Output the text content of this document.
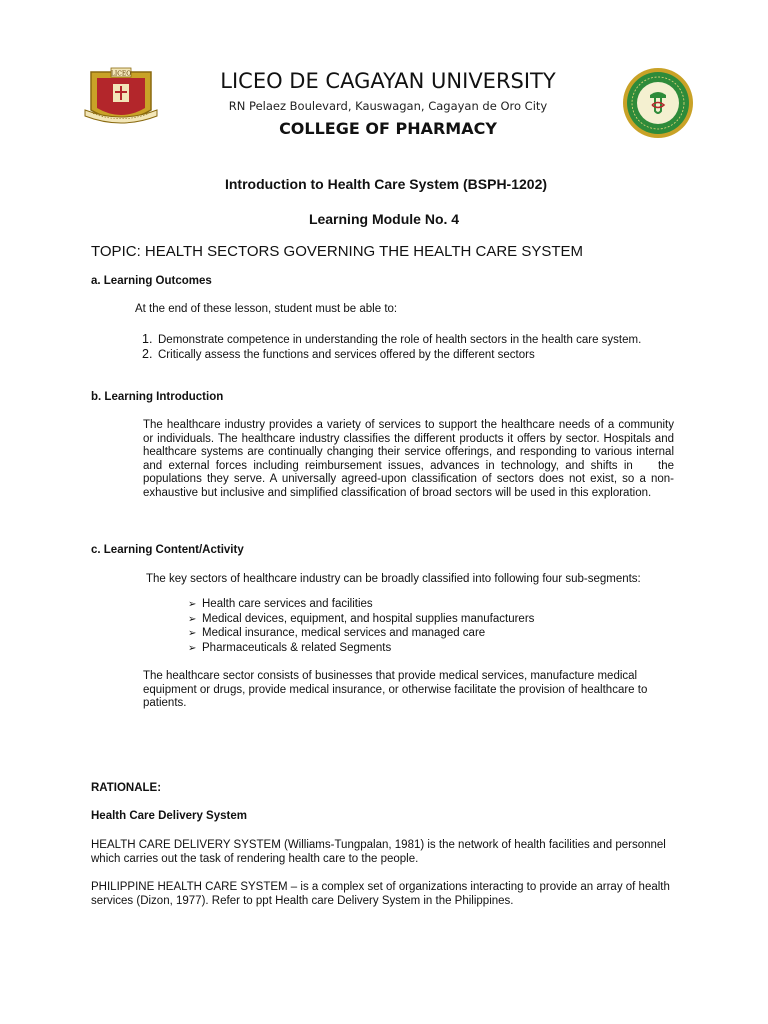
LICEO	LICEO DE CAGAYAN UNIVERSITY
RN Pelaez Boulevard, Kauswagan, Cagayan de Oro City
COLLEGE OF PHARMACY
Introduction to Health Care System (BSPH-1202)
Learning Module No. 4
TOPIC: HEALTH SECTORS GOVERNING THE HEALTH CARE SYSTEM
a. Learning Outcomes
At the end of these lesson, student must be able to:
1. Demonstrate competence in understanding the role of health sectors in the health care system.
2. Critically assess the functions and services offered by the different sectors
b. Learning Introduction
The healthcare industry provides a variety of services to support the healthcare needs of a community or individuals. The healthcare industry classifies the different products it offers by sector. Hospitals and healthcare systems are continually changing their service offerings, and responding to various internal and external forces including reimbursement issues, advances in technology, and shifts in    the populations they serve. A universally agreed-upon classification of sectors does not exist, so a non-exhaustive but inclusive and simplified classification of broad sectors will be used in this exploration.
c. Learning Content/Activity
The key sectors of healthcare industry can be broadly classified into following four sub-segments:
➢ Health care services and facilities
➢ Medical devices, equipment, and hospital supplies manufacturers
➢ Medical insurance, medical services and managed care
➢ Pharmaceuticals & related Segments
The healthcare sector consists of businesses that provide medical services, manufacture medical equipment or drugs, provide medical insurance, or otherwise facilitate the provision of healthcare to patients.
RATIONALE:
Health Care Delivery System
HEALTH CARE DELIVERY SYSTEM (Williams-Tungpalan, 1981) is the network of health facilities and personnel which carries out the task of rendering health care to the people.
PHILIPPINE HEALTH CARE SYSTEM – is a complex set of organizations interacting to provide an array of health services (Dizon, 1977). Refer to ppt Health care Delivery System in the Philippines.
